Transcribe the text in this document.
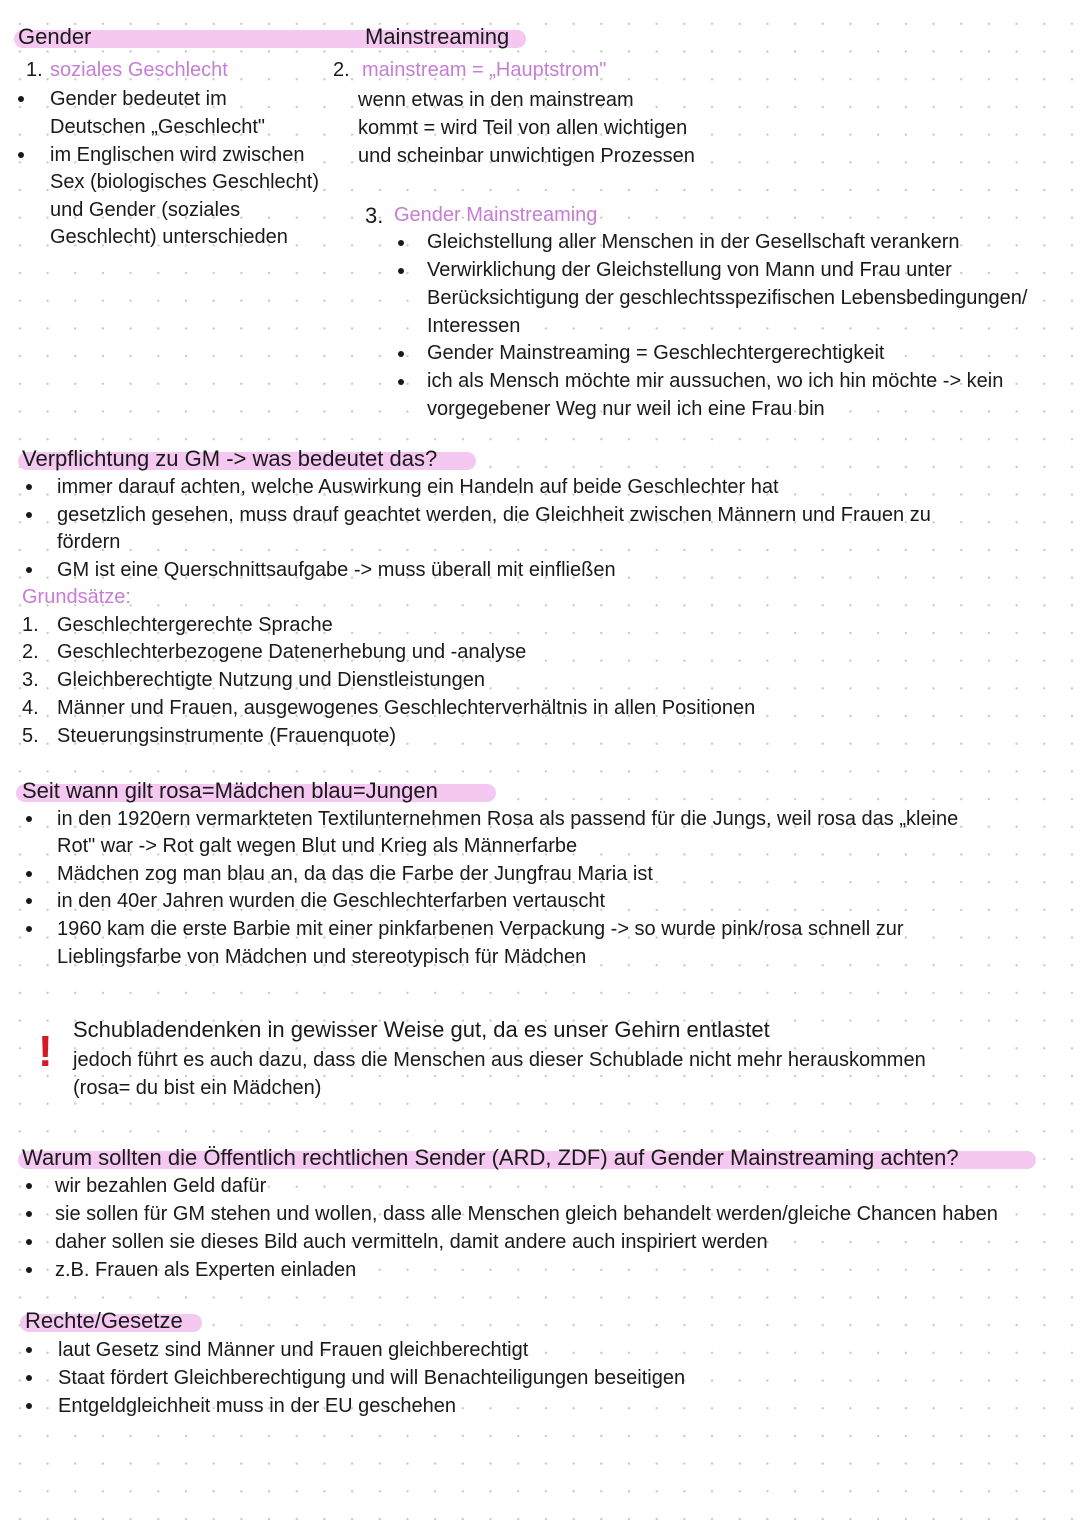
Gender	Mainstreaming
1. soziales Geschlecht
Gender bedeutet im
Deutschen „Geschlecht"
im Englischen wird zwischen
Sex (biologisches Geschlecht)
und Gender (soziales
Geschlecht) unterschieden
2. mainstream = „Hauptstrom"
wenn etwas in den mainstream
kommt = wird Teil von allen wichtigen
und scheinbar unwichtigen Prozessen
3. Gender Mainstreaming
Gleichstellung aller Menschen in der Gesellschaft verankern
Verwirklichung der Gleichstellung von Mann und Frau unter
Berücksichtigung der geschlechtsspezifischen Lebensbedingungen/
Interessen
Gender Mainstreaming = Geschlechtergerechtigkeit
ich als Mensch möchte mir aussuchen, wo ich hin möchte -> kein
vorgegebener Weg nur weil ich eine Frau bin
Verpflichtung zu GM -> was bedeutet das?
immer darauf achten, welche Auswirkung ein Handeln auf beide Geschlechter hat
gesetzlich gesehen, muss drauf geachtet werden, die Gleichheit zwischen Männern und Frauen zu
fördern
GM ist eine Querschnittsaufgabe -> muss überall mit einfließen
Grundsätze:
1. Geschlechtergerechte Sprache
2. Geschlechterbezogene Datenerhebung und -analyse
3. Gleichberechtigte Nutzung und Dienstleistungen
4. Männer und Frauen, ausgewogenes Geschlechterverhältnis in allen Positionen
5. Steuerungsinstrumente (Frauenquote)
Seit wann gilt rosa=Mädchen blau=Jungen
in den 1920ern vermarkteten Textilunternehmen Rosa als passend für die Jungs, weil rosa das „kleine
Rot" war -> Rot galt wegen Blut und Krieg als Männerfarbe
Mädchen zog man blau an, da das die Farbe der Jungfrau Maria ist
in den 40er Jahren wurden die Geschlechterfarben vertauscht
1960 kam die erste Barbie mit einer pinkfarbenen Verpackung -> so wurde pink/rosa schnell zur
Lieblingsfarbe von Mädchen und stereotypisch für Mädchen
! Schubladendenken in gewisser Weise gut, da es unser Gehirn entlastet
jedoch führt es auch dazu, dass die Menschen aus dieser Schublade nicht mehr herauskommen
(rosa= du bist ein Mädchen)
Warum sollten die Öffentlich rechtlichen Sender (ARD, ZDF) auf Gender Mainstreaming achten?
wir bezahlen Geld dafür
sie sollen für GM stehen und wollen, dass alle Menschen gleich behandelt werden/gleiche Chancen haben
daher sollen sie dieses Bild auch vermitteln, damit andere auch inspiriert werden
z.B. Frauen als Experten einladen
Rechte/Gesetze
laut Gesetz sind Männer und Frauen gleichberechtigt
Staat fördert Gleichberechtigung und will Benachteiligungen beseitigen
Entgeldgleichheit muss in der EU geschehen
